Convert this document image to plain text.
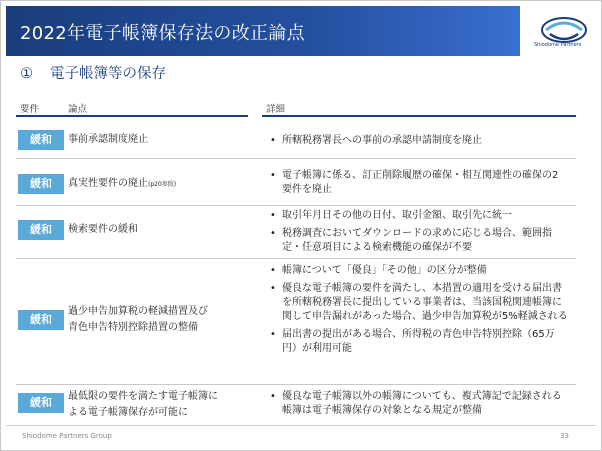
2022年電子帳簿保存法の改正論点
Shiodome Partners
① 電子帳簿等の保存
要件	論点	詳細
緩和	事前承認制度廃止
•	所轄税務署長への事前の承認申請制度を廃止
緩和	真実性要件の廃止(p20参照)
• 電子帳簿に係る、訂正削除履歴の確保・相互関連性の確保の2要件を廃止
緩和	検索要件の緩和
• 取引年月日その他の日付、取引金額、取引先に統一
• 税務調査においてダウンロードの求めに応じる場合、範囲指定・任意項目による検索機能の確保が不要
緩和
過少申告加算税の軽減措置及び
青色申告特別控除措置の整備
• 帳簿について「優良」「その他」の区分が整備
• 優良な電子帳簿の要件を満たし、本措置の適用を受ける届出書を所轄税務署長に提出している事業者は、当該国税関連帳簿に関して申告漏れがあった場合、過少申告加算税が5%軽減される
• 届出書の提出がある場合、所得税の青色申告特別控除（65万円）が利用可能
緩和	最低限の要件を満たす電子帳簿に
よる電子帳簿保存が可能に
• 優良な電子帳簿以外の帳簿についても、複式簿記で記録される帳簿は電子帳簿保存の対象となる規定が整備
Shiodome Partners Group	33
